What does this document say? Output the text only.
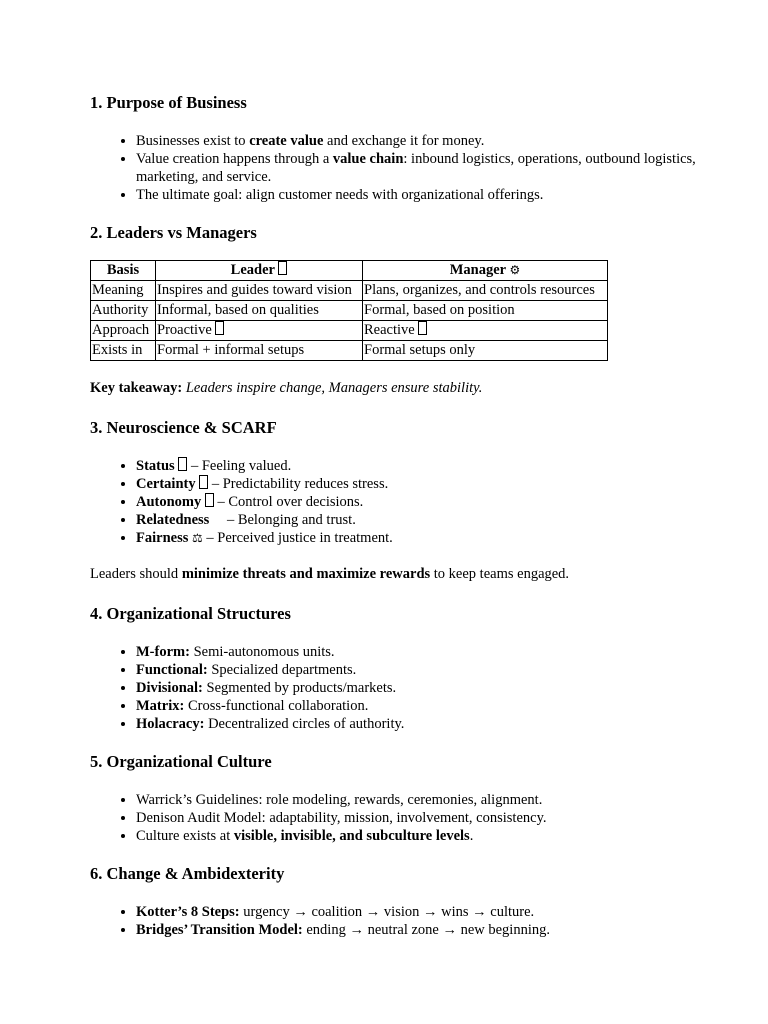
1. Purpose of Business
• Businesses exist to create value and exchange it for money.
• Value creation happens through a value chain: inbound logistics, operations, outbound logistics, marketing, and service.
• The ultimate goal: align customer needs with organizational offerings.
2. Leaders vs Managers
Basis	Leader	Manager ⚙
Meaning	Inspires and guides toward vision	Plans, organizes, and controls resources
Authority	Informal, based on qualities	Formal, based on position
Approach	Proactive	Reactive
Exists in	Formal + informal setups	Formal setups only

Key takeaway: Leaders inspire change, Managers ensure stability.

3. Neuroscience & SCARF
• Status  – Feeling valued.
• Certainty  – Predictability reduces stress.
• Autonomy  – Control over decisions.
• Relatedness – Belonging and trust.
• Fairness ⚖ – Perceived justice in treatment.

Leaders should minimize threats and maximize rewards to keep teams engaged.

4. Organizational Structures
• M-form: Semi-autonomous units.
• Functional: Specialized departments.
• Divisional: Segmented by products/markets.
• Matrix: Cross-functional collaboration.
• Holacracy: Decentralized circles of authority.
5. Organizational Culture
• Warrick’s Guidelines: role modeling, rewards, ceremonies, alignment.
• Denison Audit Model: adaptability, mission, involvement, consistency.
• Culture exists at visible, invisible, and subculture levels.
6. Change & Ambidexterity
• Kotter’s 8 Steps: urgency → coalition → vision → wins → culture.
• Bridges’ Transition Model: ending → neutral zone → new beginning.
